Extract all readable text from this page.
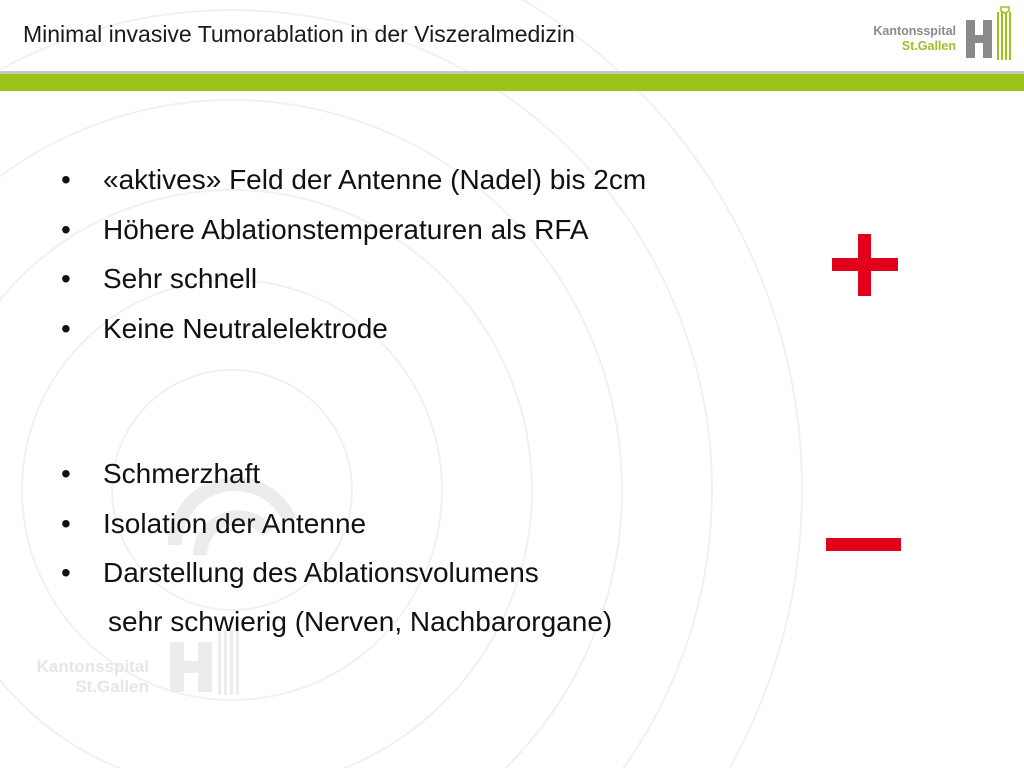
Kantonsspital
St.Gallen
Minimal invasive Tumorablation in der Viszeralmedizin	Kantonsspital
St.Gallen
• «aktives» Feld der Antenne (Nadel) bis 2cm
• Höhere Ablationstemperaturen als RFA
• Sehr schnell
• Keine Neutralelektrode
• Schmerzhaft
• Isolation der Antenne
• Darstellung des Ablationsvolumens
sehr schwierig (Nerven, Nachbarorgane)
